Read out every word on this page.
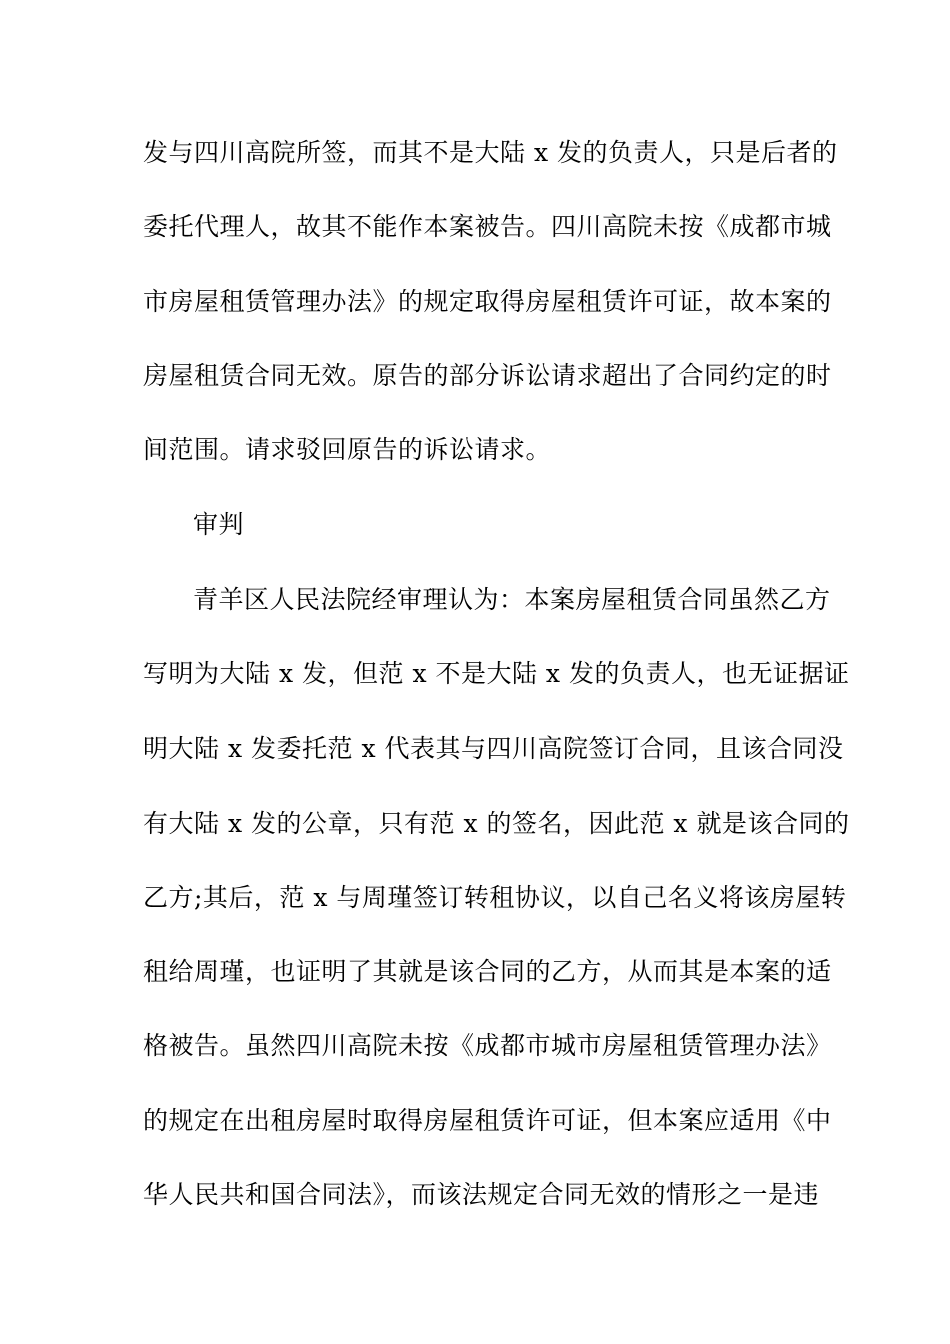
发与四川高院所签，而其不是大陆 x 发的负责人，只是后者的
委托代理人，故其不能作本案被告。四川高院未按《成都市城
市房屋租赁管理办法》的规定取得房屋租赁许可证，故本案的
房屋租赁合同无效。原告的部分诉讼请求超出了合同约定的时
间范围。请求驳回原告的诉讼请求。
审判
青羊区人民法院经审理认为：本案房屋租赁合同虽然乙方
写明为大陆 x 发，但范 x 不是大陆 x 发的负责人，也无证据证
明大陆 x 发委托范 x 代表其与四川高院签订合同，且该合同没
有大陆 x 发的公章，只有范 x 的签名，因此范 x 就是该合同的
乙方;其后，范 x 与周瑾签订转租协议，以自己名义将该房屋转
租给周瑾，也证明了其就是该合同的乙方，从而其是本案的适
格被告。虽然四川高院未按《成都市城市房屋租赁管理办法》
的规定在出租房屋时取得房屋租赁许可证，但本案应适用《中
华人民共和国合同法》，而该法规定合同无效的情形之一是违
